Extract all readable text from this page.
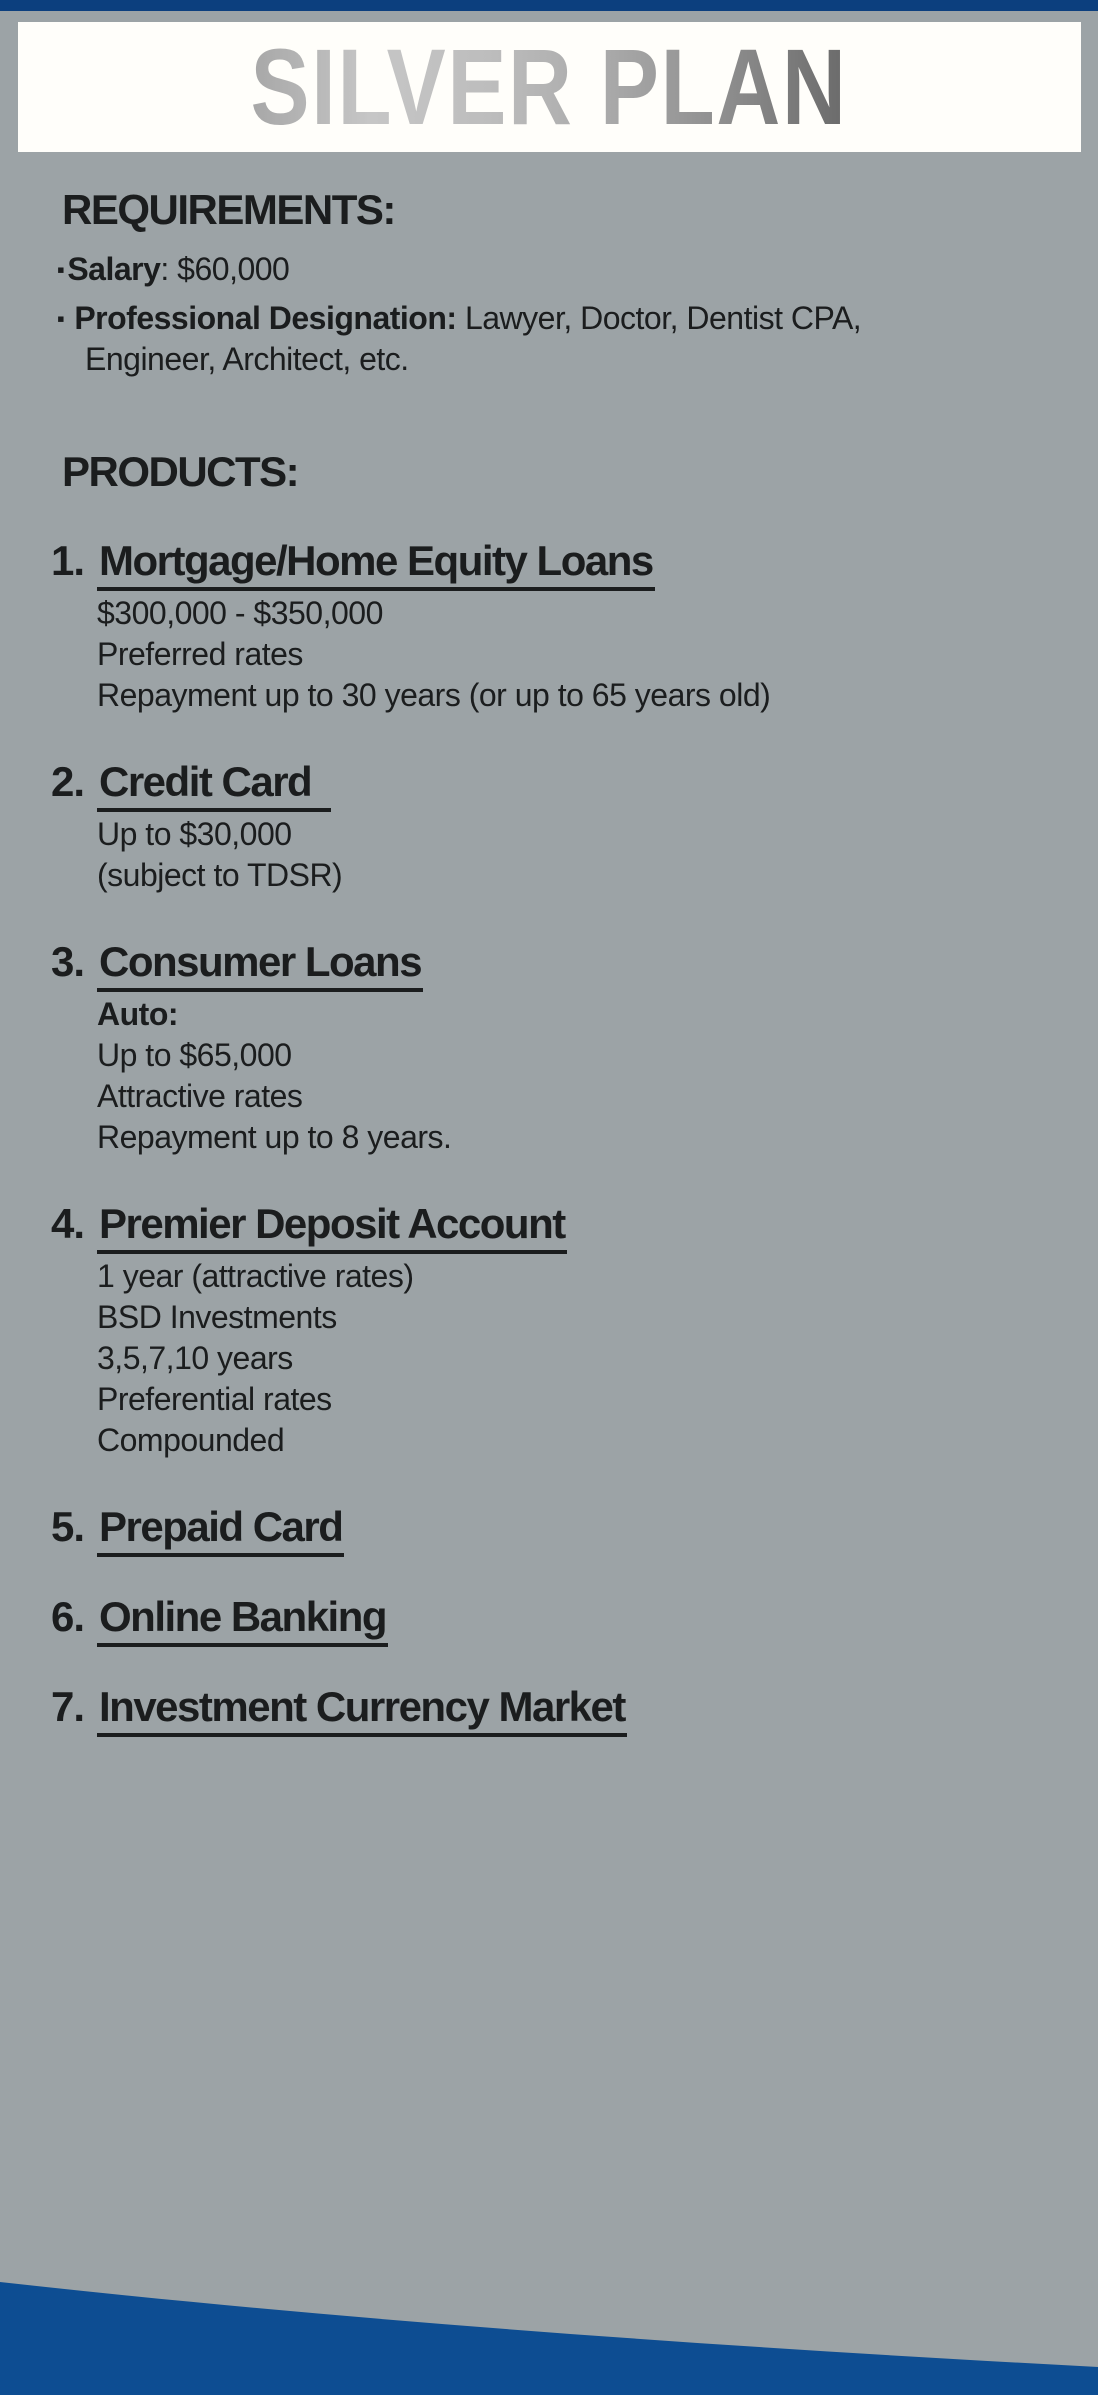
SILVER PLAN
REQUIREMENTS:
▪Salary: $60,000
▪ Professional Designation: Lawyer, Doctor, Dentist CPA, Engineer, Architect, etc.
PRODUCTS:
1. Mortgage/Home Equity Loans
$300,000 - $350,000
Preferred rates
Repayment up to 30 years (or up to 65 years old)
2. Credit Card
Up to $30,000
(subject to TDSR)
3. Consumer Loans
Auto:
Up to $65,000
Attractive rates
Repayment up to 8 years.
4. Premier Deposit Account
1 year (attractive rates)
BSD Investments
3,5,7,10 years
Preferential rates
Compounded
5. Prepaid Card
6. Online Banking
7. Investment Currency Market
